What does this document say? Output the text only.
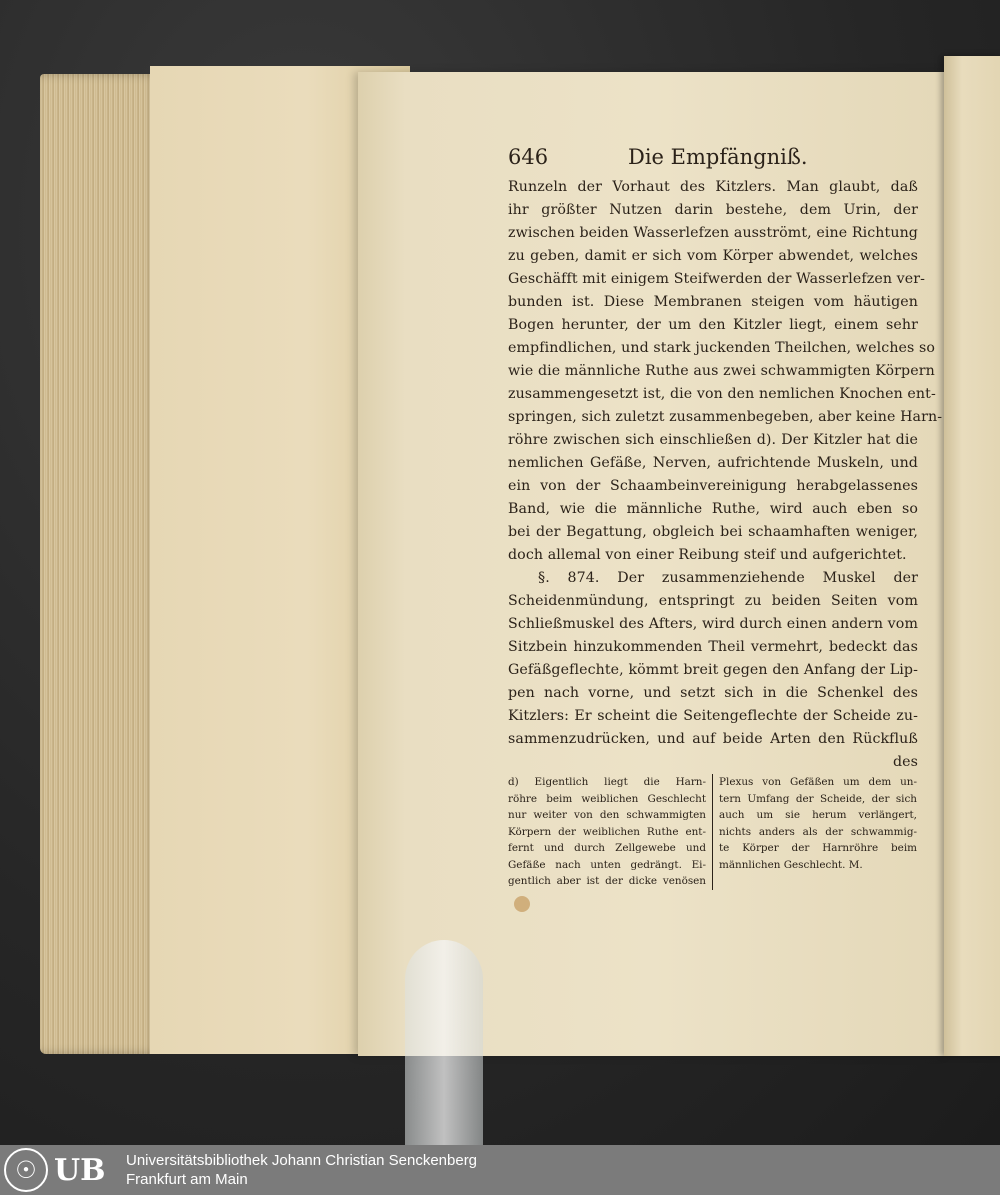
646	Die Empfängniß.
Runzeln der Vorhaut des Kitzlers. Man glaubt, daß
ihr größter Nutzen darin bestehe, dem Urin, der
zwischen beiden Wasserlefzen ausströmt, eine Richtung
zu geben, damit er sich vom Körper abwendet, welches
Geschäfft mit einigem Steifwerden der Wasserlefzen ver-
bunden ist. Diese Membranen steigen vom häutigen
Bogen herunter, der um den Kitzler liegt, einem sehr
empfindlichen, und stark juckenden Theilchen, welches so
wie die männliche Ruthe aus zwei schwammigten Körpern
zusammengesetzt ist, die von den nemlichen Knochen ent-
springen, sich zuletzt zusammenbegeben, aber keine Harn-
röhre zwischen sich einschließen d). Der Kitzler hat die
nemlichen Gefäße, Nerven, aufrichtende Muskeln, und
ein von der Schaambeinvereinigung herabgelassenes
Band, wie die männliche Ruthe, wird auch eben so
bei der Begattung, obgleich bei schaamhaften weniger,
doch allemal von einer Reibung steif und aufgerichtet.
§. 874. Der zusammenziehende Muskel der
Scheidenmündung, entspringt zu beiden Seiten vom
Schließmuskel des Afters, wird durch einen andern vom
Sitzbein hinzukommenden Theil vermehrt, bedeckt das
Gefäßgeflechte, kömmt breit gegen den Anfang der Lip-
pen nach vorne, und setzt sich in die Schenkel des
Kitzlers: Er scheint die Seitengeflechte der Scheide zu-
sammenzudrücken, und auf beide Arten den Rückfluß
des
d) Eigentlich liegt die Harn-
röhre beim weiblichen Geschlecht
nur weiter von den schwammigten
Körpern der weiblichen Ruthe ent-
fernt und durch Zellgewebe und
Gefäße nach unten gedrängt. Ei-
gentlich aber ist der dicke venösen
Plexus von Gefäßen um dem un-
tern Umfang der Scheide, der sich
auch um sie herum verlängert,
nichts anders als der schwammig-
te Körper der Harnröhre beim
männlichen Geschlecht. M.
☉ UB Universitätsbibliothek Johann Christian Senckenberg
Frankfurt am Main
